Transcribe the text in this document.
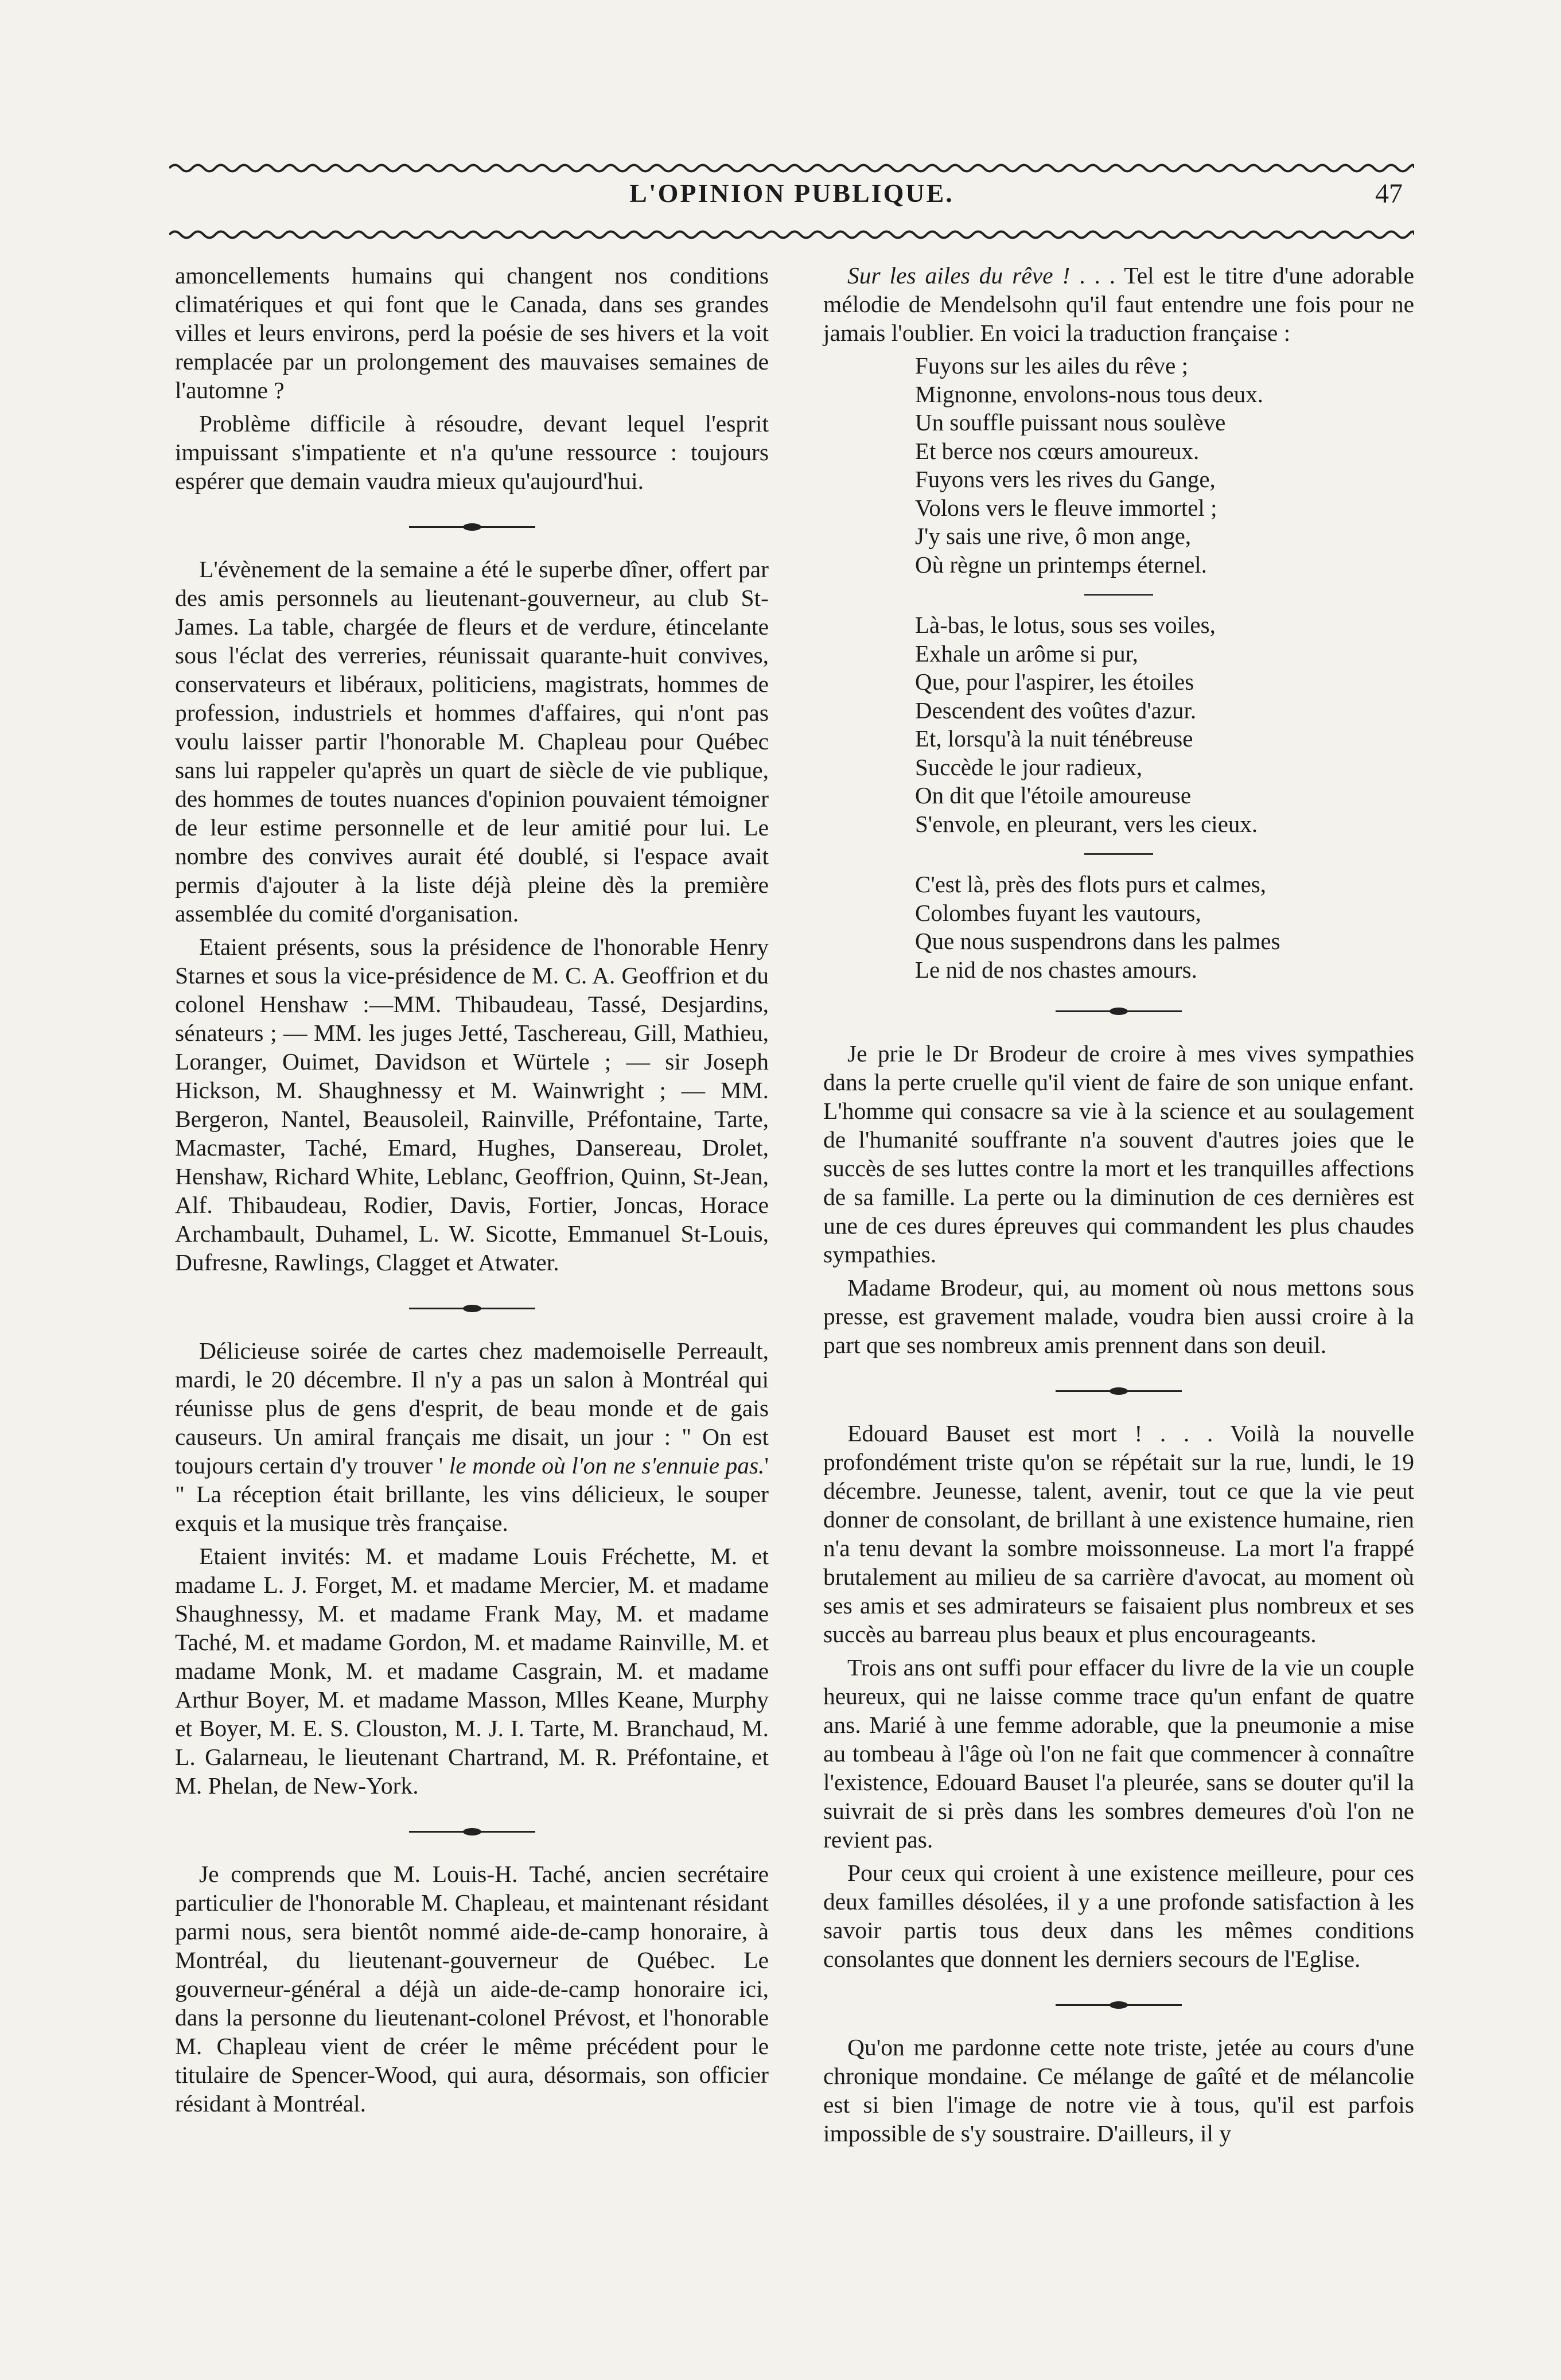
L'OPINION PUBLIQUE.	47

amoncellements humains qui changent nos conditions climatériques et qui font que le Canada, dans ses grandes villes et leurs environs, perd la poésie de ses hivers et la voit remplacée par un prolongement des mauvaises semaines de l'automne ?

Problème difficile à résoudre, devant lequel l'esprit impuissant s'impatiente et n'a qu'une ressource : toujours espérer que demain vaudra mieux qu'aujourd'hui.

L'évènement de la semaine a été le superbe dîner, offert par des amis personnels au lieutenant-gouverneur, au club St-James. La table, chargée de fleurs et de verdure, étincelante sous l'éclat des verreries, réunissait quarante-huit convives, conservateurs et libéraux, politiciens, magistrats, hommes de profession, industriels et hommes d'affaires, qui n'ont pas voulu laisser partir l'honorable M. Chapleau pour Québec sans lui rappeler qu'après un quart de siècle de vie publique, des hommes de toutes nuances d'opinion pouvaient témoigner de leur estime personnelle et de leur amitié pour lui. Le nombre des convives aurait été doublé, si l'espace avait permis d'ajouter à la liste déjà pleine dès la première assemblée du comité d'organisation.

Etaient présents, sous la présidence de l'honorable Henry Starnes et sous la vice-présidence de M. C. A. Geoffrion et du colonel Henshaw :—MM. Thibaudeau, Tassé, Desjardins, sénateurs ; — MM. les juges Jetté, Taschereau, Gill, Mathieu, Loranger, Ouimet, Davidson et Würtele ; — sir Joseph Hickson, M. Shaughnessy et M. Wainwright ; — MM. Bergeron, Nantel, Beausoleil, Rainville, Préfontaine, Tarte, Macmaster, Taché, Emard, Hughes, Dansereau, Drolet, Henshaw, Richard White, Leblanc, Geoffrion, Quinn, St-Jean, Alf. Thibaudeau, Rodier, Davis, Fortier, Joncas, Horace Archambault, Duhamel, L. W. Sicotte, Emmanuel St-Louis, Dufresne, Rawlings, Clagget et Atwater.

Délicieuse soirée de cartes chez mademoiselle Perreault, mardi, le 20 décembre. Il n'y a pas un salon à Montréal qui réunisse plus de gens d'esprit, de beau monde et de gais causeurs. Un amiral français me disait, un jour : " On est toujours certain d'y trouver ' le monde où l'on ne s'ennuie pas.' " La réception était brillante, les vins délicieux, le souper exquis et la musique très française.

Etaient invités: M. et madame Louis Fréchette, M. et madame L. J. Forget, M. et madame Mercier, M. et madame Shaughnessy, M. et madame Frank May, M. et madame Taché, M. et madame Gordon, M. et madame Rainville, M. et madame Monk, M. et madame Casgrain, M. et madame Arthur Boyer, M. et madame Masson, Mlles Keane, Murphy et Boyer, M. E. S. Clouston, M. J. I. Tarte, M. Branchaud, M. L. Galarneau, le lieutenant Chartrand, M. R. Préfontaine, et M. Phelan, de New-York.

Je comprends que M. Louis-H. Taché, ancien secrétaire particulier de l'honorable M. Chapleau, et maintenant résidant parmi nous, sera bientôt nommé aide-de-camp honoraire, à Montréal, du lieutenant-gouverneur de Québec. Le gouverneur-général a déjà un aide-de-camp honoraire ici, dans la personne du lieutenant-colonel Prévost, et l'honorable M. Chapleau vient de créer le même précédent pour le titulaire de Spencer-Wood, qui aura, désormais, son officier résidant à Montréal.

Sur les ailes du rêve ! . . . Tel est le titre d'une adorable mélodie de Mendelsohn qu'il faut entendre une fois pour ne jamais l'oublier. En voici la traduction française :

Fuyons sur les ailes du rêve ;
Mignonne, envolons-nous tous deux.
Un souffle puissant nous soulève
Et berce nos cœurs amoureux.
Fuyons vers les rives du Gange,
Volons vers le fleuve immortel ;
J'y sais une rive, ô mon ange,
Où règne un printemps éternel.
Là-bas, le lotus, sous ses voiles,
Exhale un arôme si pur,
Que, pour l'aspirer, les étoiles
Descendent des voûtes d'azur.
Et, lorsqu'à la nuit ténébreuse
Succède le jour radieux,
On dit que l'étoile amoureuse
S'envole, en pleurant, vers les cieux.
C'est là, près des flots purs et calmes,
Colombes fuyant les vautours,
Que nous suspendrons dans les palmes
Le nid de nos chastes amours.

Je prie le Dr Brodeur de croire à mes vives sympathies dans la perte cruelle qu'il vient de faire de son unique enfant. L'homme qui consacre sa vie à la science et au soulagement de l'humanité souffrante n'a souvent d'autres joies que le succès de ses luttes contre la mort et les tranquilles affections de sa famille. La perte ou la diminution de ces dernières est une de ces dures épreuves qui commandent les plus chaudes sympathies.

Madame Brodeur, qui, au moment où nous mettons sous presse, est gravement malade, voudra bien aussi croire à la part que ses nombreux amis prennent dans son deuil.

Edouard Bauset est mort ! . . . Voilà la nouvelle profondément triste qu'on se répétait sur la rue, lundi, le 19 décembre. Jeunesse, talent, avenir, tout ce que la vie peut donner de consolant, de brillant à une existence humaine, rien n'a tenu devant la sombre moissonneuse. La mort l'a frappé brutalement au milieu de sa carrière d'avocat, au moment où ses amis et ses admirateurs se faisaient plus nombreux et ses succès au barreau plus beaux et plus encourageants.

Trois ans ont suffi pour effacer du livre de la vie un couple heureux, qui ne laisse comme trace qu'un enfant de quatre ans. Marié à une femme adorable, que la pneumonie a mise au tombeau à l'âge où l'on ne fait que commencer à connaître l'existence, Edouard Bauset l'a pleurée, sans se douter qu'il la suivrait de si près dans les sombres demeures d'où l'on ne revient pas.

Pour ceux qui croient à une existence meilleure, pour ces deux familles désolées, il y a une profonde satisfaction à les savoir partis tous deux dans les mêmes conditions consolantes que donnent les derniers secours de l'Eglise.

Qu'on me pardonne cette note triste, jetée au cours d'une chronique mondaine. Ce mélange de gaîté et de mélancolie est si bien l'image de notre vie à tous, qu'il est parfois impossible de s'y soustraire. D'ailleurs, il y
